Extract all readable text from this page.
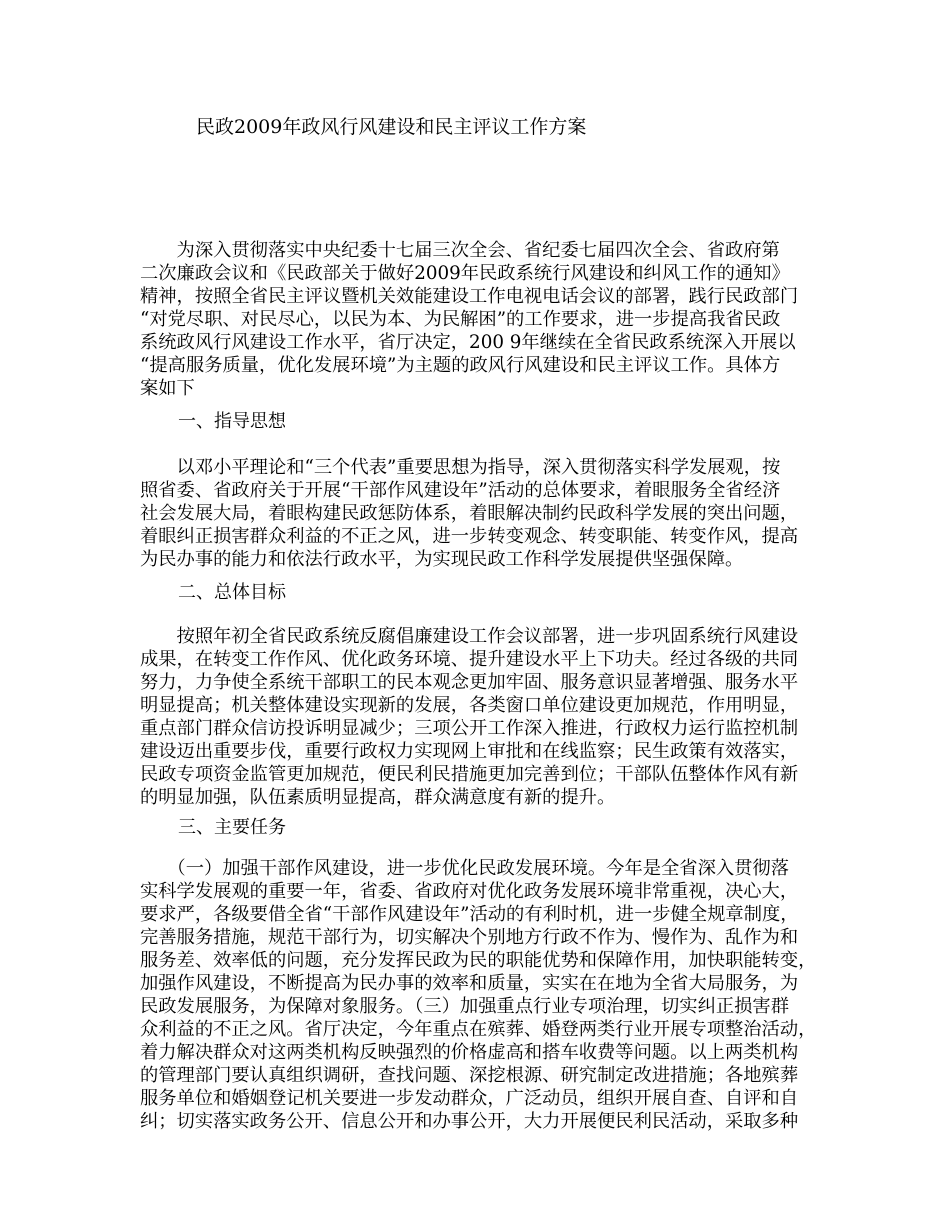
民政2009年政风行风建设和民主评议工作方案
　　为深入贯彻落实中央纪委十七届三次全会、省纪委七届四次全会、省政府第
二次廉政会议和《民政部关于做好2009年民政系统行风建设和纠风工作的通知》
精神，按照全省民主评议暨机关效能建设工作电视电话会议的部署，践行民政部门
“对党尽职、对民尽心，以民为本、为民解困”的工作要求，进一步提高我省民政
系统政风行风建设工作水平，省厅决定，200 9年继续在全省民政系统深入开展以
“提高服务质量，优化发展环境”为主题的政风行风建设和民主评议工作。具体方
案如下
一、指导思想
　　以邓小平理论和“三个代表”重要思想为指导，深入贯彻落实科学发展观，按
照省委、省政府关于开展“干部作风建设年”活动的总体要求，着眼服务全省经济
社会发展大局，着眼构建民政惩防体系，着眼解决制约民政科学发展的突出问题，
着眼纠正损害群众利益的不正之风，进一步转变观念、转变职能、转变作风，提高
为民办事的能力和依法行政水平，为实现民政工作科学发展提供坚强保障。
二、总体目标
　　按照年初全省民政系统反腐倡廉建设工作会议部署，进一步巩固系统行风建设
成果，在转变工作作风、优化政务环境、提升建设水平上下功夫。经过各级的共同
努力，力争使全系统干部职工的民本观念更加牢固、服务意识显著增强、服务水平
明显提高；机关整体建设实现新的发展，各类窗口单位建设更加规范，作用明显，
重点部门群众信访投诉明显减少；三项公开工作深入推进，行政权力运行监控机制
建设迈出重要步伐，重要行政权力实现网上审批和在线监察；民生政策有效落实，
民政专项资金监管更加规范，便民利民措施更加完善到位；干部队伍整体作风有新
的明显加强，队伍素质明显提高，群众满意度有新的提升。
三、主要任务
　　（一）加强干部作风建设，进一步优化民政发展环境。今年是全省深入贯彻落
实科学发展观的重要一年，省委、省政府对优化政务发展环境非常重视，决心大，
要求严，各级要借全省“干部作风建设年”活动的有利时机，进一步健全规章制度，
完善服务措施，规范干部行为，切实解决个别地方行政不作为、慢作为、乱作为和
服务差、效率低的问题，充分发挥民政为民的职能优势和保障作用，加快职能转变，
加强作风建设，不断提高为民办事的效率和质量，实实在在地为全省大局服务，为
民政发展服务，为保障对象服务。（三）加强重点行业专项治理，切实纠正损害群
众利益的不正之风。省厅决定，今年重点在殡葬、婚登两类行业开展专项整治活动，
着力解决群众对这两类机构反映强烈的价格虚高和搭车收费等问题。以上两类机构
的管理部门要认真组织调研，查找问题、深挖根源、研究制定改进措施；各地殡葬
服务单位和婚姻登记机关要进一步发动群众，广泛动员，组织开展自查、自评和自
纠；切实落实政务公开、信息公开和办事公开，大力开展便民利民活动，采取多种
